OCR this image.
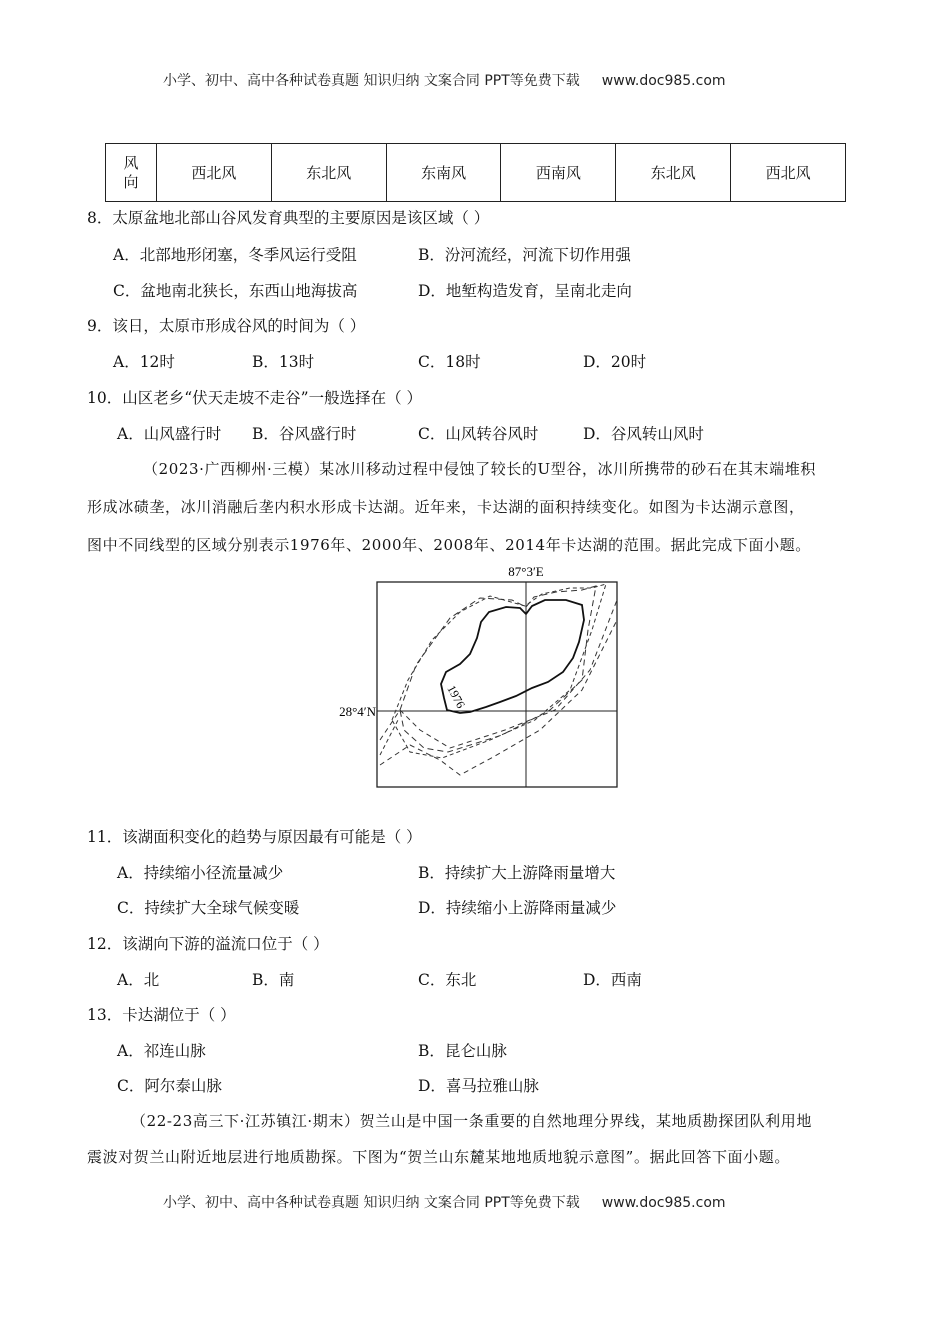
小学、初中、高中各种试卷真题 知识归纳 文案合同 PPT等免费下载 www.doc985.com
风
向	西北风	东北风	东南风	西南风	东北风	西北风
8．太原盆地北部山谷风发育典型的主要原因是该区域（ ）
A．北部地形闭塞，冬季风运行受阻	B．汾河流经，河流下切作用强
C．盆地南北狭长，东西山地海拔高	D．地堑构造发育，呈南北走向
9．该日，太原市形成谷风的时间为（ ）
A．12时	B．13时	C．18时	D．20时
10．山区老乡“伏天走坡不走谷”一般选择在（ ）
A．山风盛行时 B．谷风盛行时	C．山风转谷风时	D．谷风转山风时
（2023·广西柳州·三模）某冰川移动过程中侵蚀了较长的U型谷，冰川所携带的砂石在其末端堆积
形成冰碛垄，冰川消融后垄内积水形成卡达湖。近年来，卡达湖的面积持续变化。如图为卡达湖示意图，
图中不同线型的区域分别表示1976年、2000年、2008年、2014年卡达湖的范围。据此完成下面小题。
87°3′E
28°4′N
1976
11．该湖面积变化的趋势与原因最有可能是（ ）
A．持续缩小径流量减少	B．持续扩大上游降雨量增大
C．持续扩大全球气候变暖	D．持续缩小上游降雨量减少
12．该湖向下游的溢流口位于（ ）
A．北	B．南	C．东北	D．西南
13．卡达湖位于（ ）
A．祁连山脉	B．昆仑山脉
C．阿尔泰山脉	D．喜马拉雅山脉
（22-23高三下·江苏镇江·期末）贺兰山是中国一条重要的自然地理分界线，某地质勘探团队利用地
震波对贺兰山附近地层进行地质勘探。下图为“贺兰山东麓某地地质地貌示意图”。据此回答下面小题。
小学、初中、高中各种试卷真题 知识归纳 文案合同 PPT等免费下载 www.doc985.com
